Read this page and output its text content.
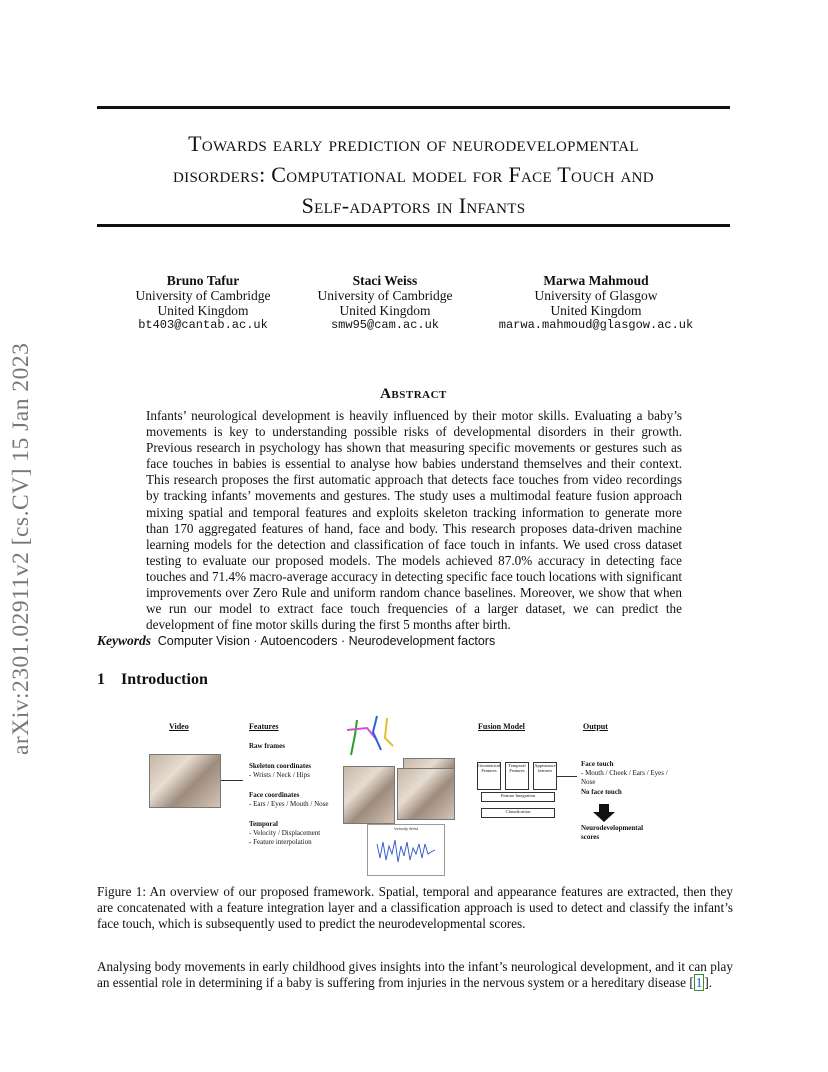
Towards early prediction of neurodevelopmental
disorders: Computational model for Face Touch and
Self-adaptors in Infants
Bruno Tafur
University of Cambridge
United Kingdom
bt403@cantab.ac.uk
Staci Weiss
University of Cambridge
United Kingdom
smw95@cam.ac.uk
Marwa Mahmoud
University of Glasgow
United Kingdom
marwa.mahmoud@glasgow.ac.uk
Abstract
Infants’ neurological development is heavily influenced by their motor skills. Evaluating a baby’s movements is key to understanding possible risks of developmental disorders in their growth. Previous research in psychology has shown that measuring specific movements or gestures such as face touches in babies is essential to analyse how babies understand themselves and their context. This research proposes the first automatic approach that detects face touches from video recordings by tracking infants’ movements and gestures. The study uses a multimodal feature fusion approach mixing spatial and temporal features and exploits skeleton tracking information to generate more than 170 aggregated features of hand, face and body. This research proposes data-driven machine learning models for the detection and classification of face touch in infants. We used cross dataset testing to evaluate our proposed models. The models achieved 87.0% accuracy in detecting face touches and 71.4% macro-average accuracy in detecting specific face touch locations with significant improvements over Zero Rule and uniform random chance baselines. Moreover, we show that when we run our model to extract face touch frequencies of a larger dataset, we can predict the development of fine motor skills during the first 5 months after birth.
Keywords Computer Vision · Autoencoders · Neurodevelopment factors
1 Introduction
arXiv:2301.02911v2 [cs.CV] 15 Jan 2023	Video	Features	Fusion Model	Output
Raw frames
Skeleton coordinates
- Wrists / Neck / Hips
Face coordinates
- Ears / Eyes / Mouth / Nose
Temporal
- Velocity / Displacement
- Feature interpolation
Velocity Wrist
Geometrical Features
Temporal Features
Appearance features
Feature Integration
Classification
Face touch
- Mouth / Cheek / Ears / Eyes /
Nose
No face touch
Neurodevelopmental
scores
Figure 1: An overview of our proposed framework. Spatial, temporal and appearance features are extracted, then they are concatenated with a feature integration layer and a classification approach is used to detect and classify the infant’s face touch, which is subsequently used to predict the neurodevelopmental scores.
Analysing body movements in early childhood gives insights into the infant’s neurological development, and it can play an essential role in determining if a baby is suffering from injuries in the nervous system or a hereditary disease [ 1 ].
